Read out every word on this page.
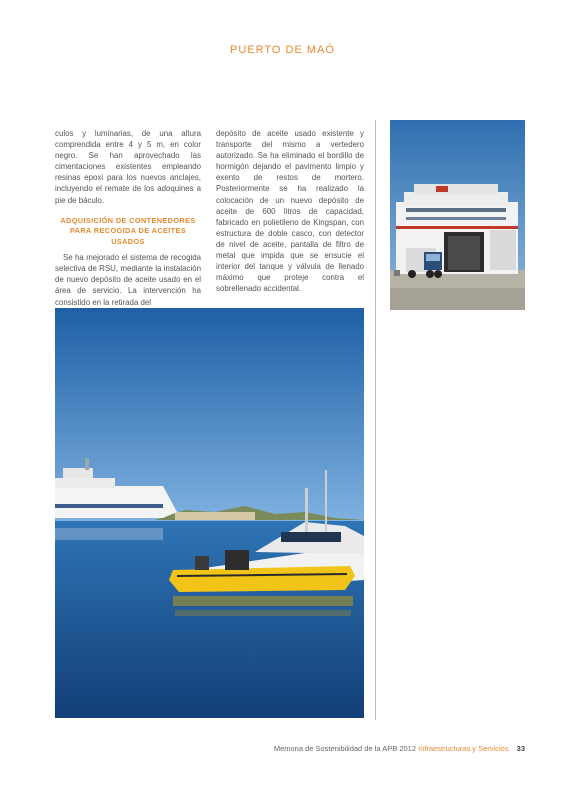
PUERTO DE MAÓ

culos y luminarias, de una altura comprendida entre 4 y 5 m, en color negro. Se han aprovechado las cimentaciones existentes empleando resinas epoxi para los nuevos anclajes, incluyendo el remate de los adoquines a pie de báculo.

ADQUISICIÓN DE CONTENEDORES
PARA RECOGIDA DE ACEITES USADOS

Se ha mejorado el sistema de recogida selectiva de RSU, mediante la instalación de nuevo depósito de aceite usado en el área de servicio. La intervención ha consistido en la retirada del

depósito de aceite usado existente y transporte del mismo a vertedero autorizado. Se ha eliminado el bordillo de hormigón dejando el pavimento limpio y exento de restos de mortero. Posteriormente se ha realizado la colocación de un nuevo depósito de aceite de 600 litros de capacidad, fabricado en polietileno de Kingspan, con estructura de doble casco, con detector de nivel de aceite, pantalla de filtro de metal que impida que se ensucie el interior del tanque y válvula de llenado máximo que proteje contra el sobrellenado accidental.

Memoria de Sostenibilidad de la APB 2012 Infraestructuras y Servicios 33
